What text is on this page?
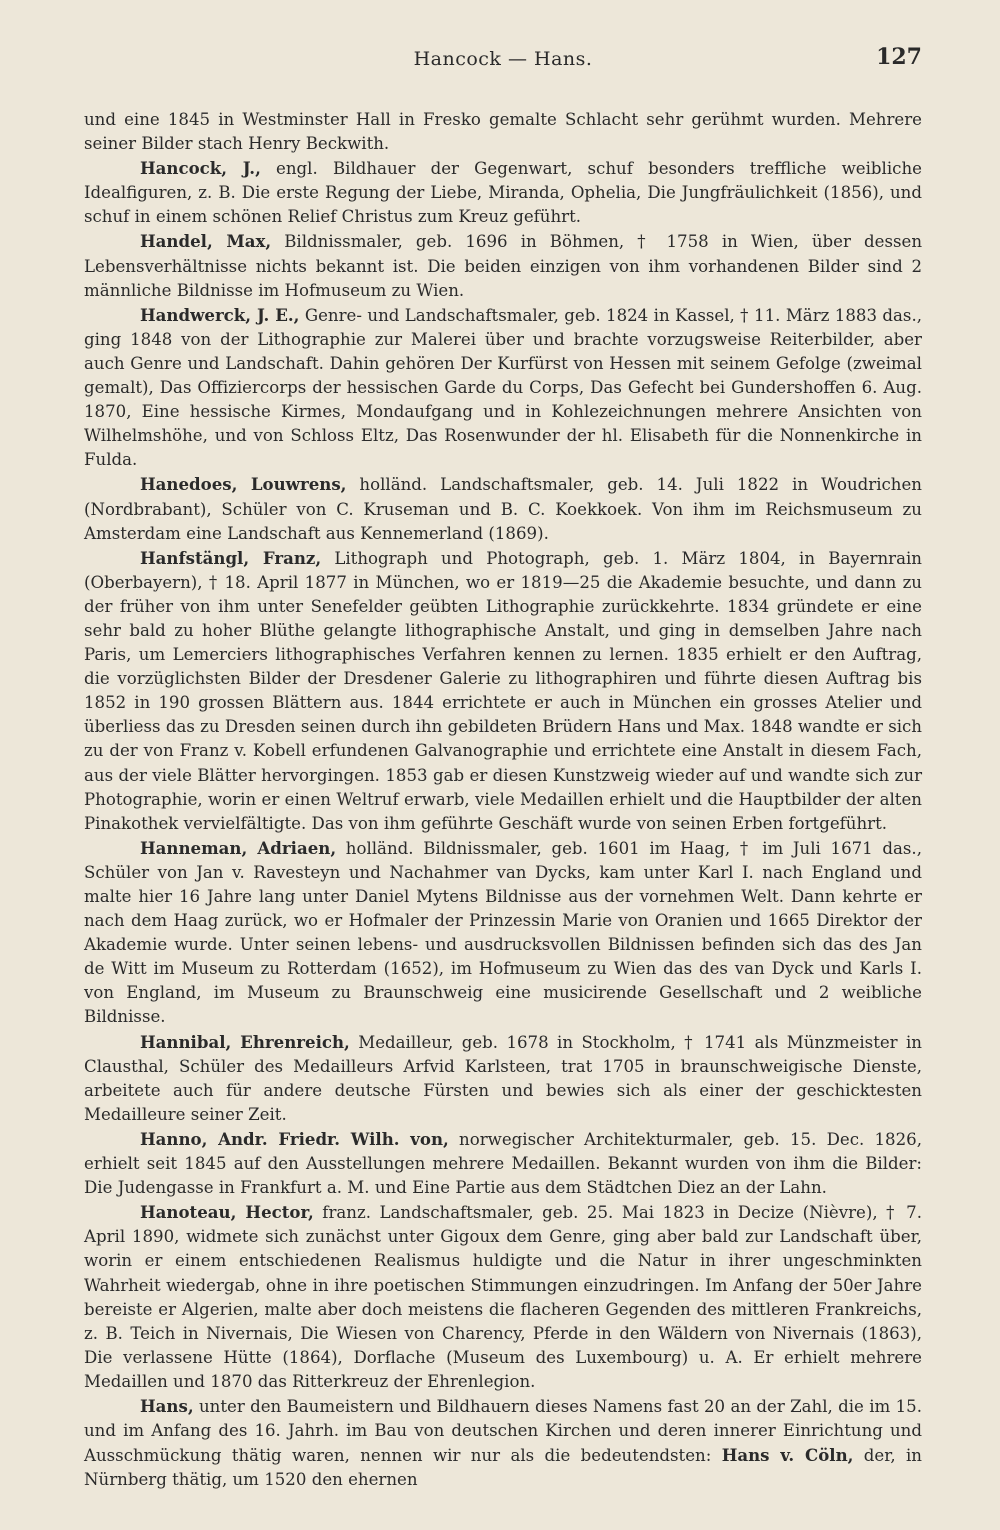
Hancock — Hans.	127

und eine 1845 in Westminster Hall in Fresko gemalte Schlacht sehr gerühmt wurden. Mehrere seiner Bilder stach Henry Beckwith.

Hancock, J., engl. Bildhauer der Gegenwart, schuf besonders treffliche weibliche Idealfiguren, z. B. Die erste Regung der Liebe, Miranda, Ophelia, Die Jungfräulichkeit (1856), und schuf in einem schönen Relief Christus zum Kreuz geführt.

Handel, Max, Bildnissmaler, geb. 1696 in Böhmen, † 1758 in Wien, über dessen Lebensverhältnisse nichts bekannt ist. Die beiden einzigen von ihm vorhandenen Bilder sind 2 männliche Bildnisse im Hofmuseum zu Wien.

Handwerck, J. E., Genre- und Landschaftsmaler, geb. 1824 in Kassel, † 11. März 1883 das., ging 1848 von der Lithographie zur Malerei über und brachte vorzugsweise Reiterbilder, aber auch Genre und Landschaft. Dahin gehören Der Kurfürst von Hessen mit seinem Gefolge (zweimal gemalt), Das Offiziercorps der hessischen Garde du Corps, Das Gefecht bei Gundershoffen 6. Aug. 1870, Eine hessische Kirmes, Mondaufgang und in Kohlezeichnungen mehrere Ansichten von Wilhelmshöhe, und von Schloss Eltz, Das Rosenwunder der hl. Elisabeth für die Nonnenkirche in Fulda.

Hanedoes, Louwrens, holländ. Landschaftsmaler, geb. 14. Juli 1822 in Woudrichen (Nordbrabant), Schüler von C. Kruseman und B. C. Koekkoek. Von ihm im Reichsmuseum zu Amsterdam eine Landschaft aus Kennemerland (1869).

Hanfstängl, Franz, Lithograph und Photograph, geb. 1. März 1804, in Bayernrain (Oberbayern), † 18. April 1877 in München, wo er 1819—25 die Akademie besuchte, und dann zu der früher von ihm unter Senefelder geübten Lithographie zurückkehrte. 1834 gründete er eine sehr bald zu hoher Blüthe gelangte lithographische Anstalt, und ging in demselben Jahre nach Paris, um Lemerciers lithographisches Verfahren kennen zu lernen. 1835 erhielt er den Auftrag, die vorzüglichsten Bilder der Dresdener Galerie zu lithographiren und führte diesen Auftrag bis 1852 in 190 grossen Blättern aus. 1844 errichtete er auch in München ein grosses Atelier und überliess das zu Dresden seinen durch ihn gebildeten Brüdern Hans und Max. 1848 wandte er sich zu der von Franz v. Kobell erfundenen Galvanographie und errichtete eine Anstalt in diesem Fach, aus der viele Blätter hervorgingen. 1853 gab er diesen Kunstzweig wieder auf und wandte sich zur Photographie, worin er einen Weltruf erwarb, viele Medaillen erhielt und die Hauptbilder der alten Pinakothek vervielfältigte. Das von ihm geführte Geschäft wurde von seinen Erben fortgeführt.

Hanneman, Adriaen, holländ. Bildnissmaler, geb. 1601 im Haag, † im Juli 1671 das., Schüler von Jan v. Ravesteyn und Nachahmer van Dycks, kam unter Karl I. nach England und malte hier 16 Jahre lang unter Daniel Mytens Bildnisse aus der vornehmen Welt. Dann kehrte er nach dem Haag zurück, wo er Hofmaler der Prinzessin Marie von Oranien und 1665 Direktor der Akademie wurde. Unter seinen lebens- und ausdrucksvollen Bildnissen befinden sich das des Jan de Witt im Museum zu Rotterdam (1652), im Hofmuseum zu Wien das des van Dyck und Karls I. von England, im Museum zu Braunschweig eine musicirende Gesellschaft und 2 weibliche Bildnisse.

Hannibal, Ehrenreich, Medailleur, geb. 1678 in Stockholm, † 1741 als Münzmeister in Clausthal, Schüler des Medailleurs Arfvid Karlsteen, trat 1705 in braunschweigische Dienste, arbeitete auch für andere deutsche Fürsten und bewies sich als einer der geschicktesten Medailleure seiner Zeit.

Hanno, Andr. Friedr. Wilh. von, norwegischer Architekturmaler, geb. 15. Dec. 1826, erhielt seit 1845 auf den Ausstellungen mehrere Medaillen. Bekannt wurden von ihm die Bilder: Die Judengasse in Frankfurt a. M. und Eine Partie aus dem Städtchen Diez an der Lahn.

Hanoteau, Hector, franz. Landschaftsmaler, geb. 25. Mai 1823 in Decize (Nièvre), † 7. April 1890, widmete sich zunächst unter Gigoux dem Genre, ging aber bald zur Landschaft über, worin er einem entschiedenen Realismus huldigte und die Natur in ihrer ungeschminkten Wahrheit wiedergab, ohne in ihre poetischen Stimmungen einzudringen. Im Anfang der 50er Jahre bereiste er Algerien, malte aber doch meistens die flacheren Gegenden des mittleren Frankreichs, z. B. Teich in Nivernais, Die Wiesen von Charency, Pferde in den Wäldern von Nivernais (1863), Die verlassene Hütte (1864), Dorflache (Museum des Luxembourg) u. A. Er erhielt mehrere Medaillen und 1870 das Ritterkreuz der Ehrenlegion.

Hans, unter den Baumeistern und Bildhauern dieses Namens fast 20 an der Zahl, die im 15. und im Anfang des 16. Jahrh. im Bau von deutschen Kirchen und deren innerer Einrichtung und Ausschmückung thätig waren, nennen wir nur als die bedeutendsten: Hans v. Cöln, der, in Nürnberg thätig, um 1520 den ehernen
